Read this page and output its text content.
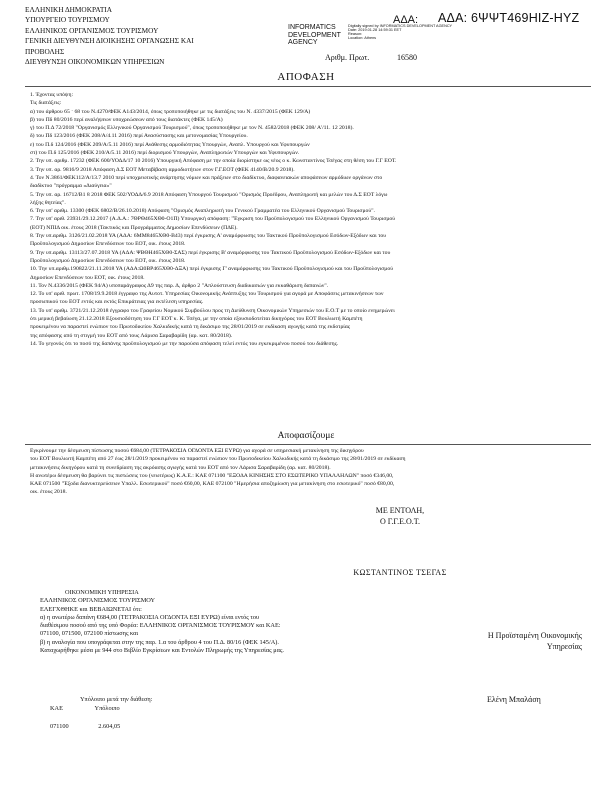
ΕΛΛΗΝΙΚΗ ΔΗΜΟΚΡΑΤΙΑ
ΥΠΟΥΡΓΕΙΟ ΤΟΥΡΙΣΜΟΥ
ΕΛΛΗΝΙΚΟΣ ΟΡΓΑΝΙΣΜΟΣ ΤΟΥΡΙΣΜΟΥ
ΓΕΝΙΚΗ ΔΙΕΥΘΥΝΣΗ ΔΙΟΙΚΗΣΗΣ ΟΡΓΑΝΩΣΗΣ ΚΑΙ
ΠΡΟΒΟΛΗΣ
ΔΙΕΥΘΥΝΣΗ ΟΙΚΟΝΟΜΙΚΩΝ ΥΠΗΡΕΣΙΩΝ
ΑΔΑ: ΑΔΑ: 6ΨΨΤ469ΗΙΖ-ΗΥΖ
INFORMATICS
DEVELOPMENT
Digitally signed by INFORMATICS DEVELOPMENT AGENCY
Date: 2019.01.28 14:59:31 EET
Reason:
Location: Athens
AGENCY
Αριθμ. Πρωτ.	16580
ΑΠΟΦΑΣΗ
1. Έχοντας υπόψη:
Τις διατάξεις:
α) του άρθρου 65 ⋅ 68 του Ν.4270/ΦΕΚ Α143/2014, όπως τροποποιήθηκε με τις διατάξεις του Ν. 4337/2015 (ΦΕΚ 129/Α)
β) του Πδ 80/2016 περί αναλήψεων υποχρεώσεων από τους διατάκτες (ΦΕΚ 145/Α)
γ) του Π.Δ 72/2018 "Οργανισμός Ελληνικού Οργανισμού Τουρισμού", όπως τροποποιήθηκε με τον Ν. 4582/2018 (ΦΕΚ 208/ Α'/11. 12 2018).
δ) του Πδ 123/2016 (ΦΕΚ 208/Α/4.11 2016) περί Ανασύστασης και μετονομασίας Υπουργείου.
ε) του Π.δ 124/2016 (ΦΕΚ 209/Α/5.11 2016) περί Ανάθεσης αρμοδιότητας Υπουργών, Αναπλ. Υπουργού και Υφυπουργών
στ) του Π.δ 125/2016 (ΦΕΚ 210/Α/5.11 2016) περί διορισμού Υπουργών, Αναπληρωτών Υπουργών και Υφυπουργών.
2. Την υπ. αριθμ. 17232 (ΦΕΚ 600/ΥΟΔΔ/17 10 2016) Υπουργική Απόφαση με την οποία διορίστηκε ως νέος ο κ. Κωνσταντίνος Τσέγας στη θέση του Γ.Γ ΕΟΤ.
3. Την υπ. αρ. 9816/9 2018 Απόφαση Δ.Σ ΕΟΤ Μεταβίβαση αρμοδιοτήτων στον Γ.Γ.ΕΟΤ (ΦΕΚ 4140/Β/20.9 2018).
4. Τον Ν.3861/ΦΕΚ112/Α/13.7 2010 περί υποχρεωτικής ανάρτησης νόμων και πράξεων στο διαδίκτυο, διαφανειακών αποφάσεων αρμόδιων οργάνων στο
διαδίκτυο "πρόγραμμα «Διαύγεια»"
5. Την υπ. αρ. 16712/Β1 8 2018 ΦΕΚ 502/ΥΟΔΔ/6.9 2018 Απόφαση Υπουργού Τουρισμού "Ορισμός Προέδρου, Αναπληρωτή και μελών του Δ.Σ ΕΟΤ λόγω
λήξης θητείας".
6. Την υπ' αριθμ. 13300 (ΦΕΚ 6802/Β/26.10.2018) Απόφαση "Ορισμός Αναπληρωτή του Γενικού Γραμματέα του Ελληνικού Οργανισμού Τουρισμού".
7. Την υπ' αριθ. 23931/29.12.2017 (Α.Δ.Α.: 7ΘΡΘ465ΧΘ0-Ο1Π) Υπουργική απόφαση: "Έγκριση του Προϋπολογισμού του Ελληνικού Οργανισμού Τουρισμού
(ΕΟΤ) ΝΠΙΔ οικ. έτους 2018 (Τακτικός και Προγράμματος Δημοσίων Επενδύσεων (ΠΔΕ).
8. Την υπ.αριθμ. 3126/21.02.2018 ΥΑ (ΑΔΑ: 6ΜΜ8465ΧΘ0-Β43) περί έγκρισης Α' αναμόρφωσης του Τακτικού Προϋπολογισμού Εσόδων-Εξόδων και του
Προϋπολογισμού Δημοσίων Επενδύσεων του ΕΟΤ, οικ. έτους 2018.
9. Την υπ.αριθμ. 13113/27.07.2018 ΥΑ (ΑΔΑ: ΨΒΘΗ465ΧΘ0-ΣΑΣ) περί έγκρισης Β' αναμόρφωσης του Τακτικού Προϋπολογισμού Εσόδων-Εξόδων και του
Προϋπολογισμού Δημοσίων Επενδύσεων του ΕΟΤ, οικ. έτους 2018.
10. Την υπ.αριθμ.190822/21.11.2018 ΥΑ (ΑΔΑ:Ω0ΒΡ465ΧΘ0-ΔΞΑ) περί έγκρισης Γ' αναμόρφωσης του Τακτικού Προϋπολογισμού και του Προϋπολογισμού
Δημοσίων Επενδύσεων του ΕΟΤ, οικ. έτους 2018.
11. Τον Ν.4336/2015 (ΦΕΚ 94/Α) υποπαράγραφος Δ9 της παρ. Δ, άρθρο 2 "Απλούστευση διαδικασιών για εκκαθάριση δαπανών".
12. Το υπ' αριθ. πρωτ. 1708/19.9.2018 έγγραφο της Αυτοτ. Υπηρεσίας Οικονομικής Ανάπτυξης του Τουρισμού για αγορά με Αποφάσεις μετακινήσεων των
προσωπικού του ΕΟΤ εντός και εκτός Επικράτειας για εκτέλεση υπηρεσίας.
13. Το υπ' αριθμ. 3721/21.12.2018 έγγραφο του Γραφείου Νομικού Συμβούλου προς τη Διεύθυνση Οικονομικών Υπηρεσιών του Ε.Ο.Τ με το οποίο ενημερώνει
ότι μερική βεβαίωση 21.12.2018 Εξουσιοδότηση του Γ.Γ ΕΟΤ κ. Κ. Τσέγα, με την οποία εξουσιοδοτείται δικηγόρος του ΕΟΤ Βουλιωτή Καμπέτη
προκειμένου να παραστεί ενώπιον του Πρωτοδικείου Χαλκιδικής κατά τη δικάσιμο της 28/01/2019 σε εκδίκαση αγωγής κατά της εκδοτρίας
της απόφασης από τη στιγμή του ΕΟΤ από τους Λάρισα Σαραβαρίδη (αρ. κατ. 80/2018).
14. Το γεγονός ότι το ποσό της δαπάνης προϋπολογισμού με την παρούσα απόφαση τελεί εντός του εγκεκριμένου ποσού του διάθεσης.
Αποφασίζουμε
Εγκρίνουμε την δέσμευση πίστωσης ποσού €684,00 (ΤΕΤΡΑΚΟΣΙΑ ΟΓΔΟΝΤΑ ΕΞΙ ΕΥΡΩ) για αγορά σε υπηρεσιακή μετακίνηση της δικηγόρου
του ΕΟΤ Βουλιωτή Καμπέτη από 27 έως 28/1/2019 προκειμένου να παραστεί ενώπιον του Πρωτοδικείου Χαλκιδικής κατά τη δικάσιμο της 28/01/2019 σε εκδίκαση
μετακινήσεις δικηγόρου κατά τη συνεδρίαση της ακρόασης αγωγής κατά του ΕΟΤ από τον Λάρισα Σαραβαρίδη (αρ. κατ. 80/2018).
Η ανωτέρω δέσμευση θα βαρύνει τις πιστώσεις του (νεωτέρως) Κ.Α.Ε.: ΚΑΕ 071100 "ΕΞΟΔΑ ΚΙΝΗΣΗΣ ΣΤΟ ΕΣΩΤΕΡΙΚΟ ΥΠΑΛΛΗΛΩΝ" ποσό €346,00,
ΚΑΕ 071500 "Έξοδα διανυκτερεύσεων Υπαλλ. Εσωτερικού" ποσό €60,00, ΚΑΕ 072100 "Ημερήσια αποζημίωση για μετακίνηση στο εσωτερικό" ποσό €80,00,
οικ. έτους 2018.
ΜΕ ΕΝΤΟΛΗ,
Ο Γ.Γ.Ε.Ο.Τ.
ΚΩΣΤΑΝΤΙΝΟΣ ΤΣΕΓΑΣ
ΟΙΚΟΝΟΜΙΚΗ ΥΠΗΡΕΣΙΑ
ΕΛΛΗΝΙΚΟΣ ΟΡΓΑΝΙΣΜΟΣ ΤΟΥΡΙΣΜΟΥ
ΕΛΕΓΧΘΗΚΕ και ΒΕΒΑΙΩΝΕΤΑΙ ότι:
α) η ανωτέρω δαπάνη €684,00 (ΤΕΤΡΑΚΟΣΙΑ ΟΓΔΟΝΤΑ ΕΞΙ ΕΥΡΩ) είναι εντός του
διαθέσιμου ποσού από της υπό Φορέα: ΕΛΛΗΝΙΚΟΣ ΟΡΓΑΝΙΣΜΟΣ ΤΟΥΡΙΣΜΟΥ και ΚΑΕ:
071100, 071500, 072100 πίστωσης και
β) η αναλογία που υπογράφεται στην της παρ. 1.α του άρθρου 4 του Π.Δ. 80/16 (ΦΕΚ 145/Α).
Καταχωρήθηκε μέσα με 944 στο Βιβλίο Εγκρίσεων και Εντολών Πληρωμής της Υπηρεσίας μας.
Η Προϊσταμένη Οικονομικής
Υπηρεσίας
Υπόλοιπο μετά την διάθεση:
ΚΑΕ	Υπόλοιπο
071100	2.604,05
Ελένη Μπαλάση
